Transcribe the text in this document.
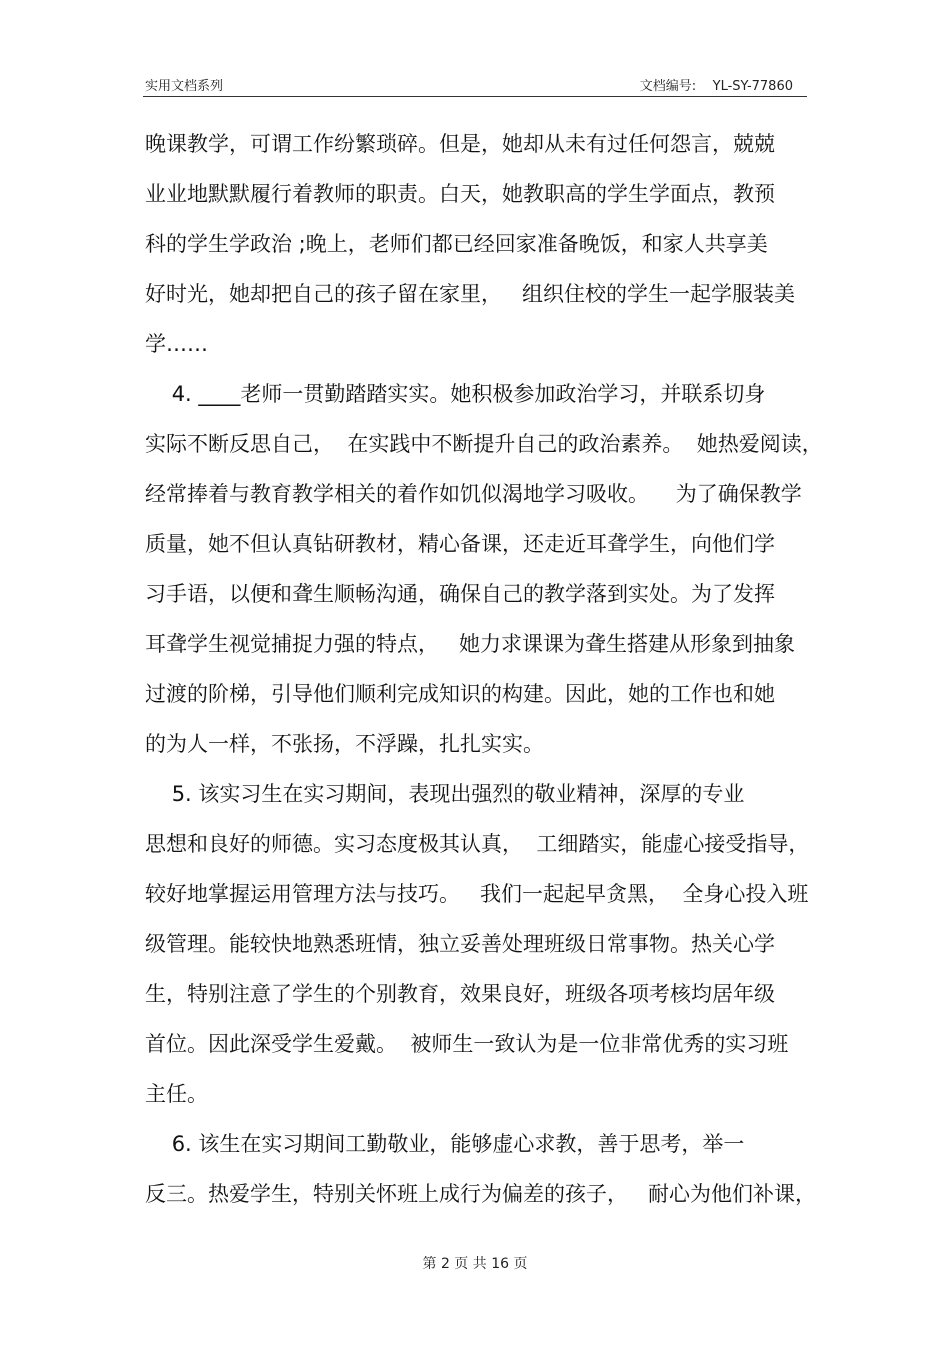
实用文档系列	文档编号: YL-SY-77860
晚课教学，可谓工作纷繁琐碎。但是，她却从未有过任何怨言，兢兢
业业地默默履行着教师的职责。白天，她教职高的学生学面点，教预
科的学生学政治 ;晚上，老师们都已经回家准备晚饭，和家人共享美
好时光，她却把自己的孩子留在家里，   组织住校的学生一起学服装美
学……
4. ____老师一贯勤踏踏实实。她积极参加政治学习，并联系切身
实际不断反思自己，  在实践中不断提升自己的政治素养。  她热爱阅读，
经常捧着与教育教学相关的着作如饥似渴地学习吸收。    为了确保教学
质量，她不但认真钻研教材，精心备课，还走近耳聋学生，向他们学
习手语，以便和聋生顺畅沟通，确保自己的教学落到实处。为了发挥
耳聋学生视觉捕捉力强的特点，   她力求课课为聋生搭建从形象到抽象
过渡的阶梯，引导他们顺利完成知识的构建。因此，她的工作也和她
的为人一样，不张扬，不浮躁，扎扎实实。
5. 该实习生在实习期间，表现出强烈的敬业精神，深厚的专业
思想和良好的师德。实习态度极其认真，  工细踏实，能虚心接受指导，
较好地掌握运用管理方法与技巧。   我们一起起早贪黑，  全身心投入班
级管理。能较快地熟悉班情，独立妥善处理班级日常事物。热关心学
生，特别注意了学生的个别教育，效果良好，班级各项考核均居年级
首位。因此深受学生爱戴。  被师生一致认为是一位非常优秀的实习班
主任。
6. 该生在实习期间工勤敬业，能够虚心求教，善于思考，举一
反三。热爱学生，特别关怀班上成行为偏差的孩子，   耐心为他们补课，
第 2 页 共 16 页
